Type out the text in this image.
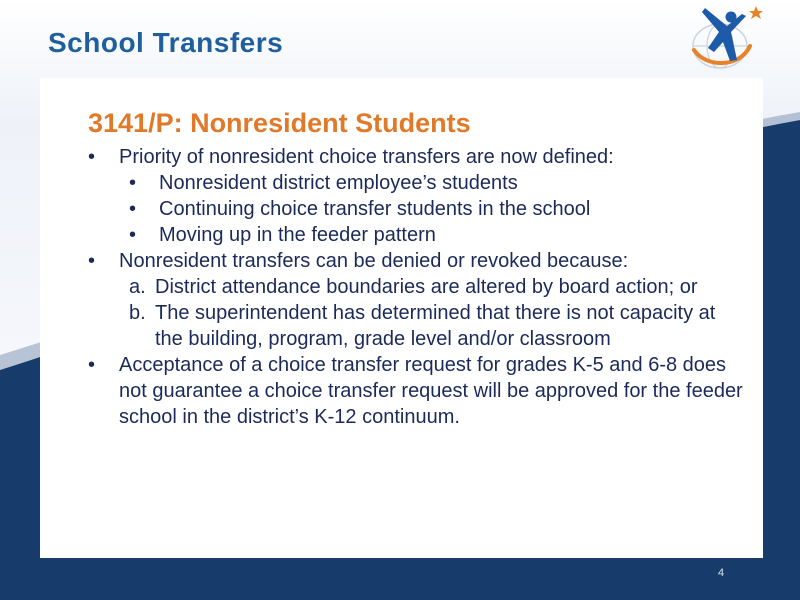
School Transfers
3141/P: Nonresident Students
• Priority of nonresident choice transfers are now defined:
• Nonresident district employee’s students
• Continuing choice transfer students in the school
• Moving up in the feeder pattern
• Nonresident transfers can be denied or revoked because:
a. District attendance boundaries are altered by board action; or
b. The superintendent has determined that there is not capacity at the building, program, grade level and/or classroom
• Acceptance of a choice transfer request for grades K-5 and 6-8 does not guarantee a choice transfer request will be approved for the feeder school in the district’s K-12 continuum.
4
